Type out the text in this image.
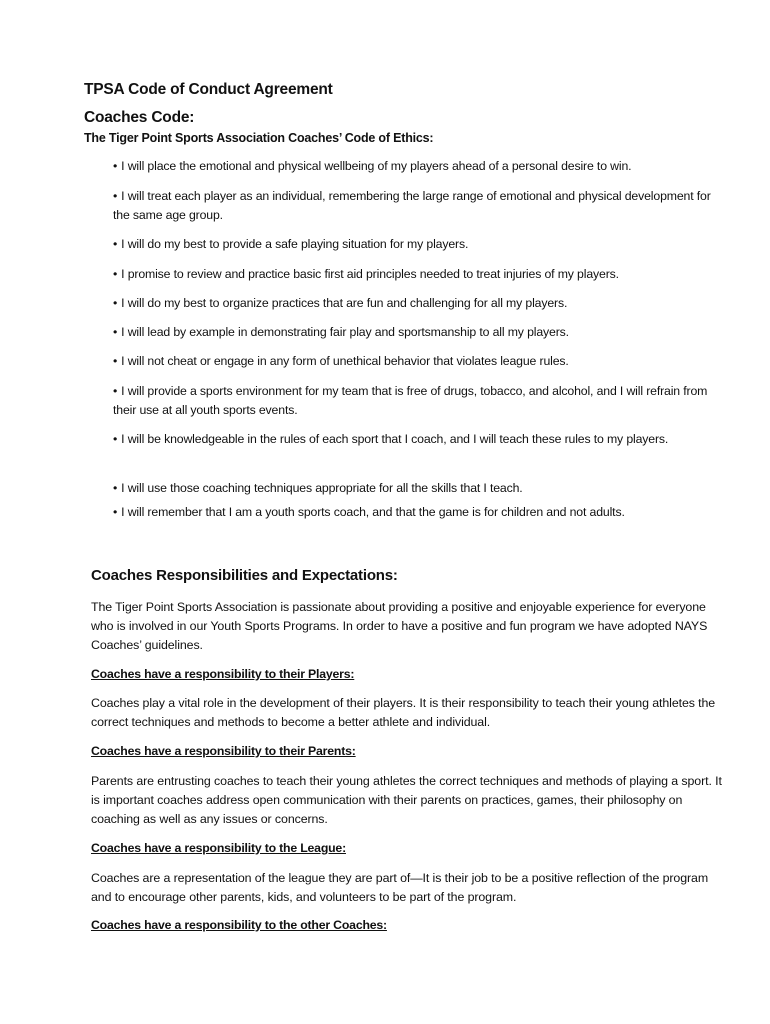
TPSA Code of Conduct Agreement
Coaches Code:
The Tiger Point Sports Association Coaches’ Code of Ethics:
• I will place the emotional and physical wellbeing of my players ahead of a personal desire to win.
• I will treat each player as an individual, remembering the large range of emotional and physical development for the same age group.
• I will do my best to provide a safe playing situation for my players.
• I promise to review and practice basic first aid principles needed to treat injuries of my players.
• I will do my best to organize practices that are fun and challenging for all my players.
• I will lead by example in demonstrating fair play and sportsmanship to all my players.
• I will not cheat or engage in any form of unethical behavior that violates league rules.
• I will provide a sports environment for my team that is free of drugs, tobacco, and alcohol, and I will refrain from their use at all youth sports events.
• I will be knowledgeable in the rules of each sport that I coach, and I will teach these rules to my players.
• I will use those coaching techniques appropriate for all the skills that I teach.
• I will remember that I am a youth sports coach, and that the game is for children and not adults.
Coaches Responsibilities and Expectations:
The Tiger Point Sports Association is passionate about providing a positive and enjoyable experience for everyone who is involved in our Youth Sports Programs. In order to have a positive and fun program we have adopted NAYS Coaches’ guidelines.
Coaches have a responsibility to their Players:
Coaches play a vital role in the development of their players. It is their responsibility to teach their young athletes the correct techniques and methods to become a better athlete and individual.
Coaches have a responsibility to their Parents:
Parents are entrusting coaches to teach their young athletes the correct techniques and methods of playing a sport. It is important coaches address open communication with their parents on practices, games, their philosophy on coaching as well as any issues or concerns.
Coaches have a responsibility to the League:
Coaches are a representation of the league they are part of—It is their job to be a positive reflection of the program and to encourage other parents, kids, and volunteers to be part of the program.
Coaches have a responsibility to the other Coaches:
